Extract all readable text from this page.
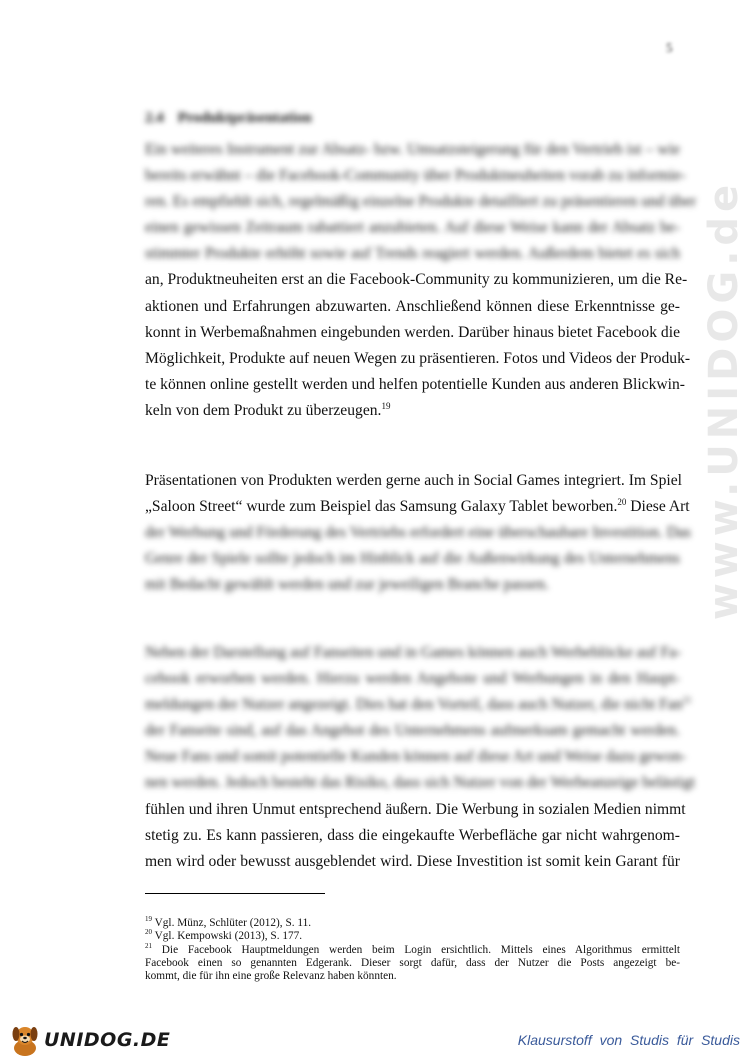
5
2.4 Produktpräsentation
Ein weiteres Instrument zur Absatz- bzw. Umsatzsteigerung für den Vertrieb ist – wie
bereits erwähnt – die Facebook-Community über Produktneuheiten vorab zu informie-
ren. Es empfiehlt sich, regelmäßig einzelne Produkte detailliert zu präsentieren und über
einen gewissen Zeitraum rabattiert anzubieten. Auf diese Weise kann der Absatz be-
stimmter Produkte erhöht sowie auf Trends reagiert werden. Außerdem bietet es sich
an, Produktneuheiten erst an die Facebook-Community zu kommunizieren, um die Re-
aktionen und Erfahrungen abzuwarten. Anschließend können diese Erkenntnisse ge-
konnt in Werbemaßnahmen eingebunden werden. Darüber hinaus bietet Facebook die
Möglichkeit, Produkte auf neuen Wegen zu präsentieren. Fotos und Videos der Produk-
te können online gestellt werden und helfen potentielle Kunden aus anderen Blickwin-
keln von dem Produkt zu überzeugen.$^{19}$
Präsentationen von Produkten werden gerne auch in Social Games integriert. Im Spiel
„Saloon Street“ wurde zum Beispiel das Samsung Galaxy Tablet beworben.$^{20}$ Diese Art
der Werbung und Förderung des Vertriebs erfordert eine überschaubare Investition. Das
Genre der Spiele sollte jedoch im Hinblick auf die Außenwirkung des Unternehmens
mit Bedacht gewählt werden und zur jeweiligen Branche passen.
Neben der Darstellung auf Fanseiten und in Games können auch Werbeblöcke auf Fa-
cebook erworben werden. Hierzu werden Angebote und Werbungen in den Haupt-
meldungen der Nutzer angezeigt. Dies hat den Vorteil, dass auch Nutzer, die nicht Fan$^{21}$
der Fanseite sind, auf das Angebot des Unternehmens aufmerksam gemacht werden.
Neue Fans und somit potentielle Kunden können auf diese Art und Weise dazu gewon-
nen werden. Jedoch besteht das Risiko, dass sich Nutzer von der Werbeanzeige belästigt
fühlen und ihren Unmut entsprechend äußern. Die Werbung in sozialen Medien nimmt
stetig zu. Es kann passieren, dass die eingekaufte Werbefläche gar nicht wahrgenom-
men wird oder bewusst ausgeblendet wird. Diese Investition ist somit kein Garant für
$^{19}$ Vgl. Münz, Schlüter (2012), S. 11.
$^{20}$ Vgl. Kempowski (2013), S. 177.
$^{21}$ Die Facebook Hauptmeldungen werden beim Login ersichtlich. Mittels eines Algorithmus ermittelt
Facebook einen so genannten Edgerank. Dieser sorgt dafür, dass der Nutzer die Posts angezeigt be-
kommt, die für ihn eine große Relevanz haben könnten.
www.UNIDOG.de
UNIDOG.DE	Klausurstoff von Studis für Studis
